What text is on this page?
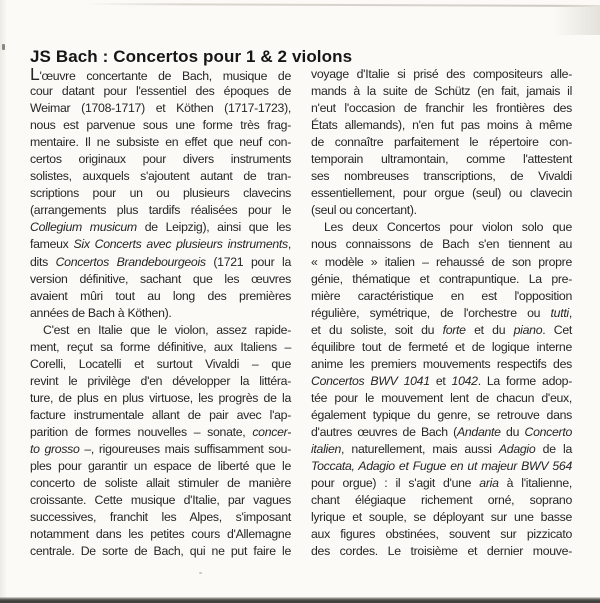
JS Bach : Concertos pour 1 & 2 violons
L'œuvre concertante de Bach, musique de
cour datant pour l'essentiel des époques de
Weimar (1708-1717) et Köthen (1717-1723),
nous est parvenue sous une forme très frag-
mentaire. Il ne subsiste en effet que neuf con-
certos originaux pour divers instruments
solistes, auxquels s'ajoutent autant de tran-
scriptions pour un ou plusieurs clavecins
(arrangements plus tardifs réalisées pour le
Collegium musicum de Leipzig), ainsi que les
fameux Six Concerts avec plusieurs instruments,
dits Concertos Brandebourgeois (1721 pour la
version définitive, sachant que les œuvres
avaient mûri tout au long des premières
années de Bach à Köthen).
C'est en Italie que le violon, assez rapide-
ment, reçut sa forme définitive, aux Italiens –
Corelli, Locatelli et surtout Vivaldi – que
revint le privilège d'en développer la littéra-
ture, de plus en plus virtuose, les progrès de la
facture instrumentale allant de pair avec l'ap-
parition de formes nouvelles – sonate, concer-
to grosso –, rigoureuses mais suffisamment sou-
ples pour garantir un espace de liberté que le
concerto de soliste allait stimuler de manière
croissante. Cette musique d'Italie, par vagues
successives, franchit les Alpes, s'imposant
notamment dans les petites cours d'Allemagne
centrale. De sorte de Bach, qui ne put faire le
voyage d'Italie si prisé des compositeurs alle-
mands à la suite de Schütz (en fait, jamais il
n'eut l'occasion de franchir les frontières des
États allemands), n'en fut pas moins à même
de connaître parfaitement le répertoire con-
temporain ultramontain, comme l'attestent
ses nombreuses transcriptions, de Vivaldi
essentiellement, pour orgue (seul) ou clavecin
(seul ou concertant).
Les deux Concertos pour violon solo que
nous connaissons de Bach s'en tiennent au
« modèle » italien – rehaussé de son propre
génie, thématique et contrapuntique. La pre-
mière caractéristique en est l'opposition
régulière, symétrique, de l'orchestre ou tutti,
et du soliste, soit du forte et du piano. Cet
équilibre tout de fermeté et de logique interne
anime les premiers mouvements respectifs des
Concertos BWV 1041 et 1042. La forme adop-
tée pour le mouvement lent de chacun d'eux,
également typique du genre, se retrouve dans
d'autres œuvres de Bach (Andante du Concerto
italien, naturellement, mais aussi Adagio de la
Toccata, Adagio et Fugue en ut majeur BWV 564
pour orgue) : il s'agit d'une aria à l'italienne,
chant élégiaque richement orné, soprano
lyrique et souple, se déployant sur une basse
aux figures obstinées, souvent sur pizzicato
des cordes. Le troisième et dernier mouve-
